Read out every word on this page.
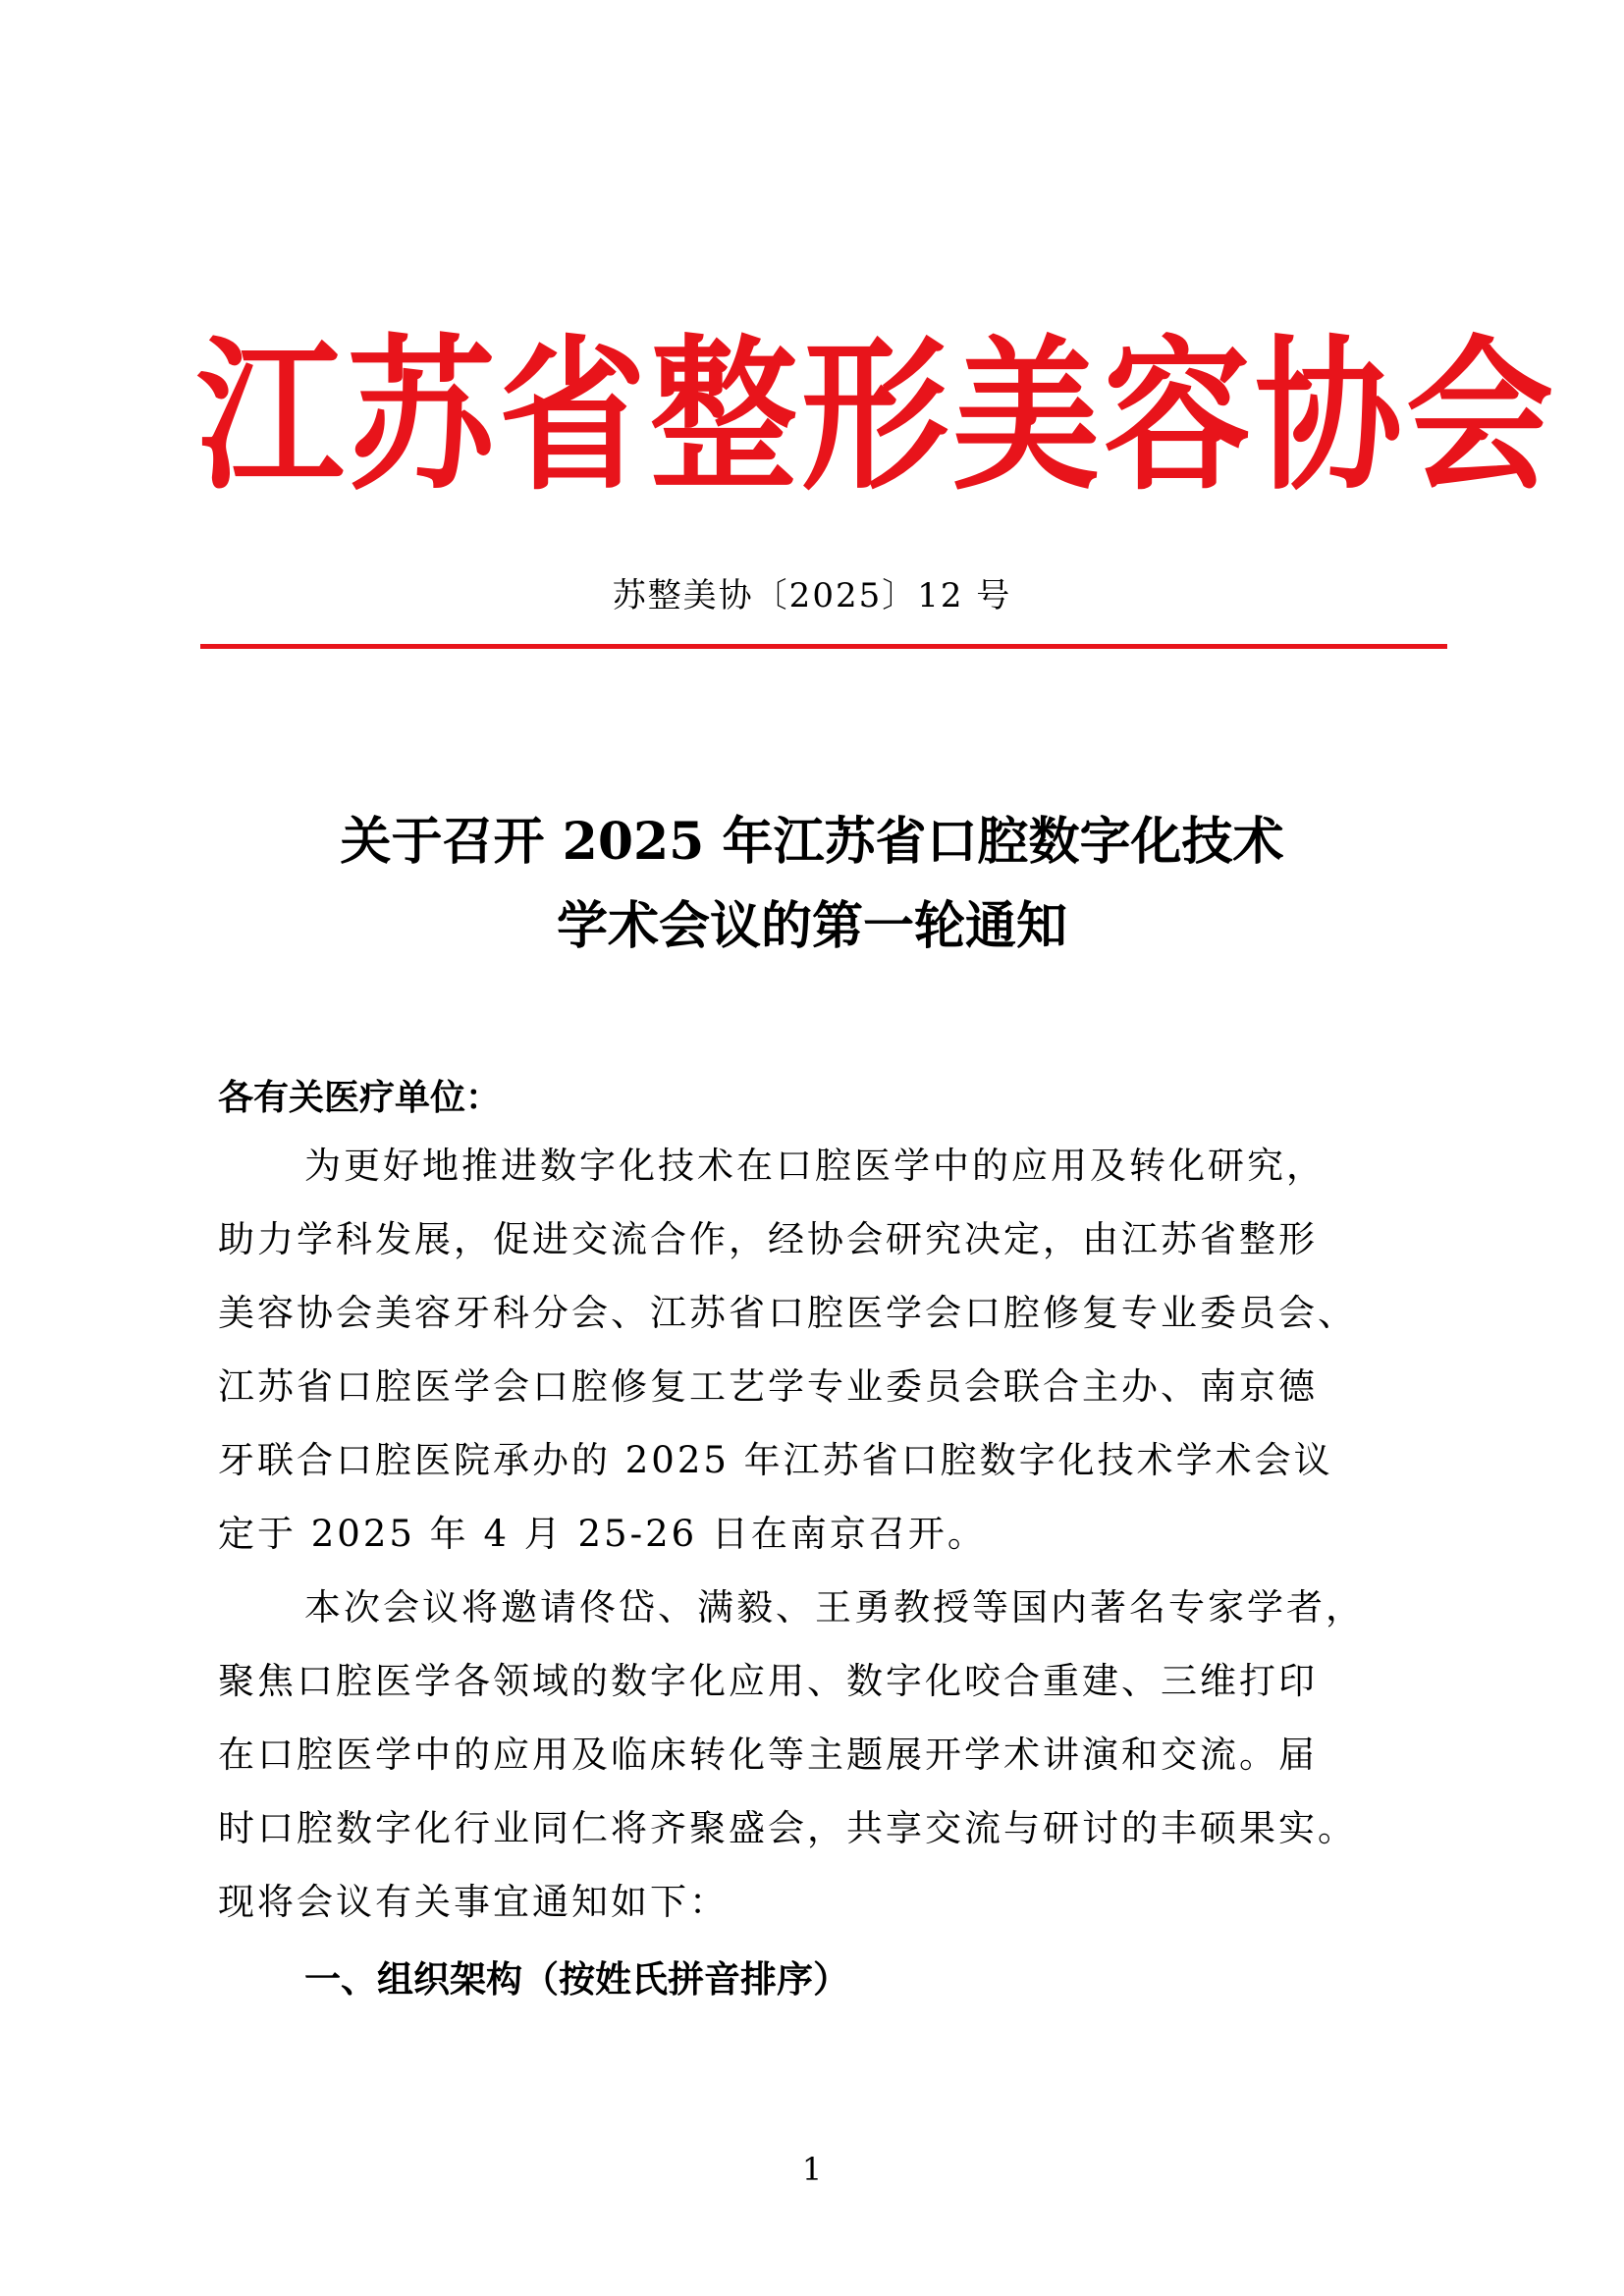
江苏省整形美容协会
苏整美协〔2025〕12 号
关于召开 2025 年江苏省口腔数字化技术
学术会议的第一轮通知
各有关医疗单位：
为更好地推进数字化技术在口腔医学中的应用及转化研究，
助力学科发展，促进交流合作，经协会研究决定，由江苏省整形
美容协会美容牙科分会、江苏省口腔医学会口腔修复专业委员会、
江苏省口腔医学会口腔修复工艺学专业委员会联合主办、南京德
牙联合口腔医院承办的 2025 年江苏省口腔数字化技术学术会议
定于 2025 年 4 月 25-26 日在南京召开。
本次会议将邀请佟岱、满毅、王勇教授等国内著名专家学者，
聚焦口腔医学各领域的数字化应用、数字化咬合重建、三维打印
在口腔医学中的应用及临床转化等主题展开学术讲演和交流。届
时口腔数字化行业同仁将齐聚盛会，共享交流与研讨的丰硕果实。
现将会议有关事宜通知如下：
一、组织架构（按姓氏拼音排序）
1
